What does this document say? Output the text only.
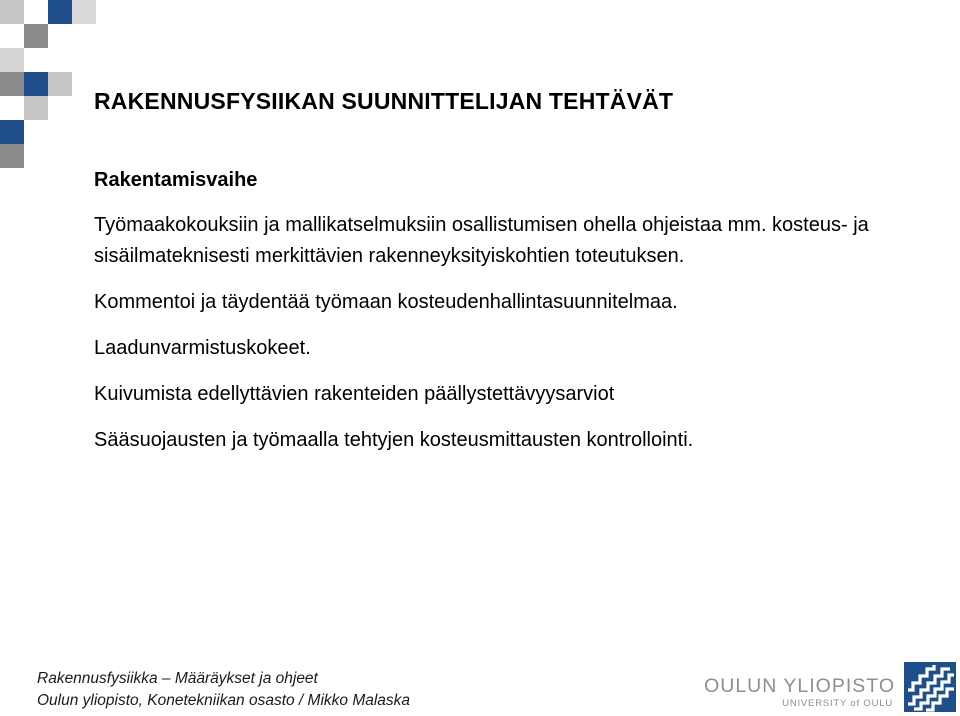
RAKENNUSFYSIIKAN SUUNNITTELIJAN TEHTÄVÄT

Rakentamisvaihe

Työmaakokouksiin ja mallikatselmuksiin osallistumisen ohella ohjeistaa mm. kosteus- ja sisäilmateknisesti merkittävien rakenneyksityiskohtien toteutuksen.

Kommentoi ja täydentää työmaan kosteudenhallintasuunnitelmaa.

Laadunvarmistuskokeet.

Kuivumista edellyttävien rakenteiden päällystettävyysarviot

Sääsuojausten ja työmaalla tehtyjen kosteusmittausten kontrollointi.

Rakennusfysiikka – Määräykset ja ohjeet
Oulun yliopisto, Konetekniikan osasto / Mikko Malaska
OULUN YLIOPISTO
UNIVERSITY of OULU
